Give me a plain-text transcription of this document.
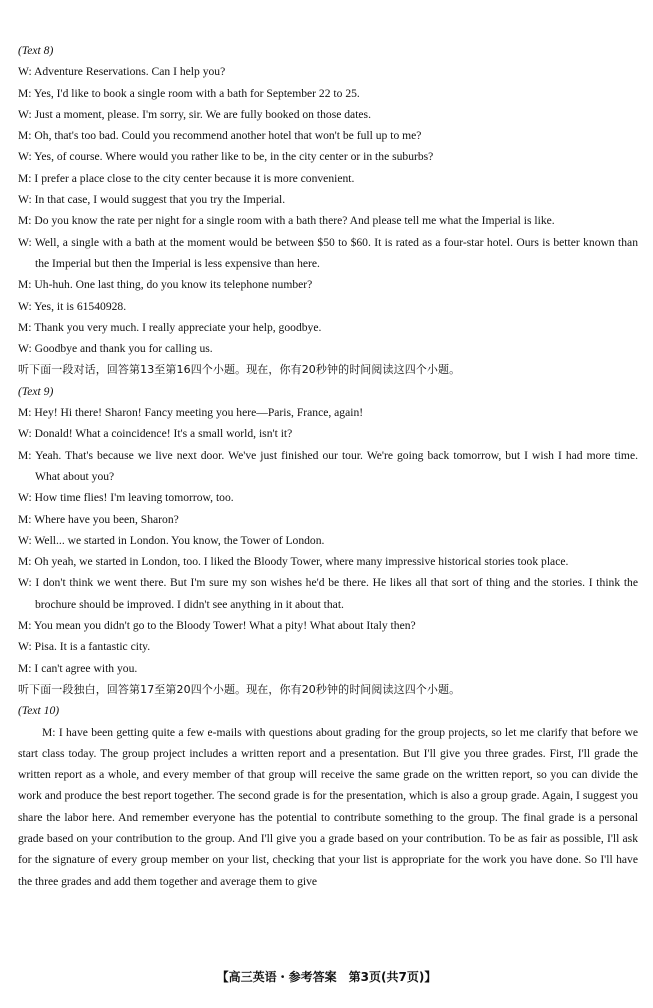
(Text 8)

W: Adventure Reservations. Can I help you?

M: Yes, I'd like to book a single room with a bath for September 22 to 25.

W: Just a moment, please. I'm sorry, sir. We are fully booked on those dates.

M: Oh, that's too bad. Could you recommend another hotel that won't be full up to me?

W: Yes, of course. Where would you rather like to be, in the city center or in the suburbs?

M: I prefer a place close to the city center because it is more convenient.

W: In that case, I would suggest that you try the Imperial.

M: Do you know the rate per night for a single room with a bath there? And please tell me what the Imperial is like.

W: Well, a single with a bath at the moment would be between $50 to $60. It is rated as a four-star hotel. Ours is better known than the Imperial but then the Imperial is less expensive than here.

M: Uh-huh. One last thing, do you know its telephone number?

W: Yes, it is 61540928.

M: Thank you very much. I really appreciate your help, goodbye.

W: Goodbye and thank you for calling us.

听下面一段对话，回答第13至第16四个小题。现在，你有20秒钟的时间阅读这四个小题。

(Text 9)

M: Hey! Hi there! Sharon! Fancy meeting you here—Paris, France, again!

W: Donald! What a coincidence! It's a small world, isn't it?

M: Yeah. That's because we live next door. We've just finished our tour. We're going back tomorrow, but I wish I had more time. What about you?

W: How time flies! I'm leaving tomorrow, too.

M: Where have you been, Sharon?

W: Well... we started in London. You know, the Tower of London.

M: Oh yeah, we started in London, too. I liked the Bloody Tower, where many impressive historical stories took place.

W: I don't think we went there. But I'm sure my son wishes he'd be there. He likes all that sort of thing and the stories. I think the brochure should be improved. I didn't see anything in it about that.

M: You mean you didn't go to the Bloody Tower! What a pity! What about Italy then?

W: Pisa. It is a fantastic city.

M: I can't agree with you.

听下面一段独白，回答第17至第20四个小题。现在，你有20秒钟的时间阅读这四个小题。

(Text 10)

M: I have been getting quite a few e-mails with questions about grading for the group projects, so let me clarify that before we start class today. The group project includes a written report and a presentation. But I'll give you three grades. First, I'll grade the written report as a whole, and every member of that group will receive the same grade on the written report, so you can divide the work and produce the best report together. The second grade is for the presentation, which is also a group grade. Again, I suggest you share the labor here. And remember everyone has the potential to contribute something to the group. The final grade is a personal grade based on your contribution to the group. And I'll give you a grade based on your contribution. To be as fair as possible, I'll ask for the signature of every group member on your list, checking that your list is appropriate for the work you have done. So I'll have the three grades and add them together and average them to give

【高三英语・参考答案　第3页(共7页)】
